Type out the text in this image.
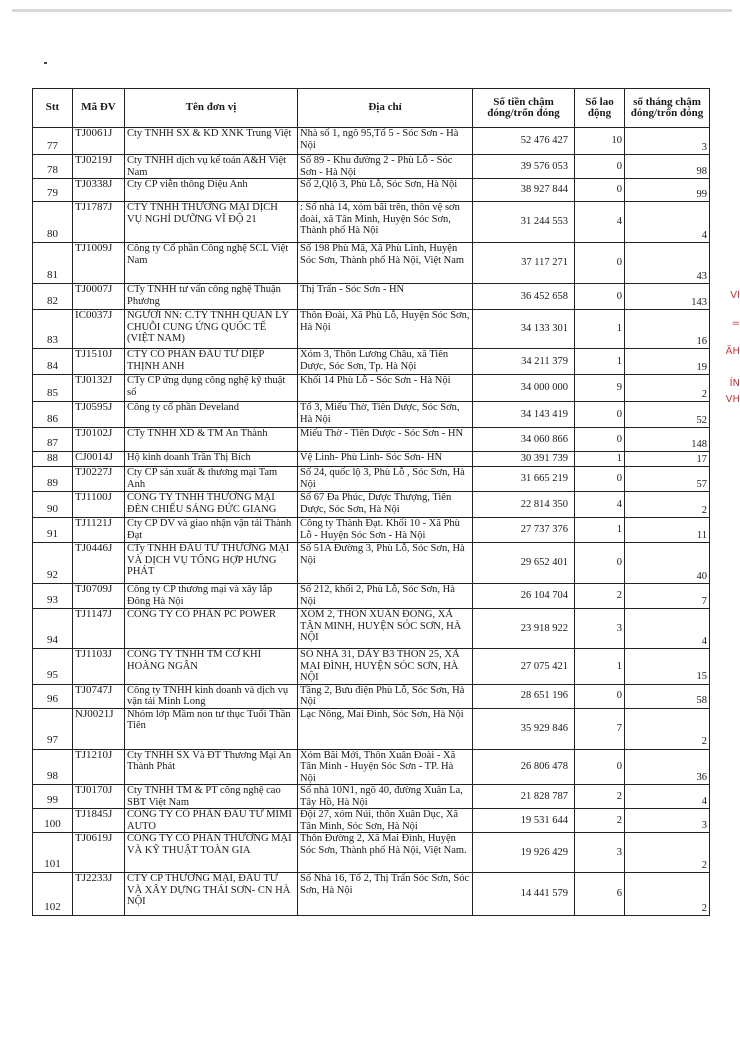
Stt	Mã ĐV	Tên đơn vị	Địa chỉ	Số tiền chậm đóng/trốn đóng	Số lao động	số tháng chậm đóng/trốn đóng
77	TJ0061J	Cty TNHH SX & KD XNK Trung Việt	Nhà số 1, ngõ 95,Tổ 5 - Sóc Sơn - Hà Nội	52 476 427	10	3
78	TJ0219J	Cty TNHH dịch vụ kế toán A&H Việt Nam	Số 89 - Khu đường 2 - Phù Lỗ - Sóc Sơn - Hà Nội	39 576 053	0	98
79	TJ0338J	Cty CP viễn thông Diệu Anh	Số 2,Qlộ 3, Phù Lỗ, Sóc Sơn, Hà Nội	38 927 844	0	99
80	TJ1787J	CTY TNHH THƯƠNG MẠI DỊCH VỤ NGHỈ DƯỠNG VĨ ĐỘ 21	: Số nhà 14, xóm bãi trên, thôn vệ sơn đoài, xã Tân Minh, Huyện Sóc Sơn, Thành phố Hà Nội	31 244 553	4	4
81	TJ1009J	Công ty Cổ phần Công nghệ SCL Việt Nam	Số 198 Phù Mã, Xã Phù Linh, Huyện Sóc Sơn, Thành phố Hà Nội, Việt Nam	37 117 271	0	43
82	TJ0007J	CTy TNHH tư vấn công nghệ Thuận Phương	Thị Trấn - Sóc Sơn - HN	36 452 658	0	143
83	IC0037J	NGƯỜI NN: C.TY TNHH QUẢN LÝ CHUỖI CUNG ỨNG QUỐC TẾ (VIỆT NAM)	Thôn Đoài, Xã Phù Lỗ, Huyện Sóc Sơn, Hà Nội	34 133 301	1	16
84	TJ1510J	CTY CỔ PHẦN ĐẦU TƯ DIỆP THỊNH ANH	Xóm 3, Thôn Lương Châu, xã Tiên Dược, Sóc Sơn, Tp. Hà Nội	34 211 379	1	19
85	TJ0132J	CTy CP ứng dụng công nghệ kỹ thuật số	Khối 14 Phù Lỗ - Sóc Sơn - Hà Nội	34 000 000	9	2
86	TJ0595J	Công ty cổ phần Develand	Tổ 3, Miếu Thờ, Tiên Dược, Sóc Sơn, Hà Nội	34 143 419	0	52
87	TJ0102J	CTy TNHH XD & TM An Thành	Miếu Thờ - Tiên Dược - Sóc Sơn - HN	34 060 866	0	148
88	CJ0014J	Hộ kinh doanh Trần Thị Bích	Vệ Linh- Phù Linh- Sóc Sơn- HN	30 391 739	1	17
89	TJ0227J	Cty CP sản xuất & thương mại Tam Anh	Số 24, quốc lộ 3, Phù Lỗ , Sóc Sơn, Hà Nội	31 665 219	0	57
90	TJ1100J	CÔNG TY TNHH THƯƠNG MẠI ĐÈN CHIẾU SÁNG ĐỨC GIANG	Số 67 Đa Phúc, Dược Thượng, Tiên Dược, Sóc Sơn, Hà Nội	22 814 350	4	2
91	TJ1121J	Cty CP DV và giao nhận vận tải Thành Đạt	Công ty Thành Đạt. Khối 10 - Xã Phù Lỗ - Huyện Sóc Sơn - Hà Nội	27 737 376	1	11
92	TJ0446J	CTy TNHH ĐẦU TƯ THƯƠNG MẠI VÀ DỊCH VỤ TỔNG HỢP HƯNG PHÁT	Số 51A Đường 3, Phù Lỗ, Sóc Sơn, Hà Nội	29 652 401	0	40
93	TJ0709J	Công ty CP thương mại và xây lắp Đông Hà Nội	Số 212, khối 2, Phù Lỗ, Sóc Sơn, Hà Nội	26 104 704	2	7
94	TJ1147J	CÔNG TY CỔ PHẦN PC POWER	XÓM 2, THÔN XUÂN ĐỒNG, XÃ TÂN MINH, HUYỆN SÓC SƠN, HÀ NỘI	23 918 922	3	4
95	TJ1103J	CÔNG TY TNHH TM CƠ KHÍ HOÀNG NGÂN	SỐ NHÀ 31, DÃY B3 THÔN 25, XÃ MAI ĐÌNH, HUYỆN SÓC SƠN, HÀ NỘI	27 075 421	1	15
96	TJ0747J	Công ty TNHH kinh doanh và dịch vụ vận tải Minh Long	Tầng 2, Bưu điện Phù Lỗ, Sóc Sơn, Hà Nội	28 651 196	0	58
97	NJ0021J	Nhóm lớp Mầm non tư thục Tuổi Thần Tiên	Lạc Nông, Mai Đình, Sóc Sơn, Hà Nội	35 929 846	7	2
98	TJ1210J	Cty TNHH SX Và ĐT Thương Mại An Thành Phát	Xóm Bãi Mới, Thôn Xuân Đoài - Xã Tân Minh - Huyện Sóc Sơn - TP. Hà Nội	26 806 478	0	36
99	TJ0170J	Cty TNHH TM & PT công nghệ cao SBT Việt Nam	Số nhà 10N1, ngõ 40, đường Xuân La, Tây Hồ, Hà Nội	21 828 787	2	4
100	TJ1845J	CÔNG TY CỔ PHẦN ĐẦU TƯ MIMI AUTO	Đội 27, xóm Núi, thôn Xuân Dục, Xã Tân Minh, Sóc Sơn, Hà Nội	19 531 644	2	3
101	TJ0619J	CÔNG TY CỔ PHẦN THƯƠNG MẠI VÀ KỸ THUẬT TOÀN GIA	Thôn Đường 2, Xã Mai Đình, Huyện Sóc Sơn, Thành phố Hà Nội, Việt Nam.	19 926 429	3	2
102	TJ2233J	CTY CP THƯƠNG MẠI, ĐẦU TƯ VÀ XÂY DỰNG THÁI SƠN- CN HÀ NỘI	Số Nhà 16, Tổ 2, Thị Trấn Sóc Sơn, Sóc Sơn, Hà Nội	14 441 579	6	2
VI
=
ÃH
ÍN
VH
